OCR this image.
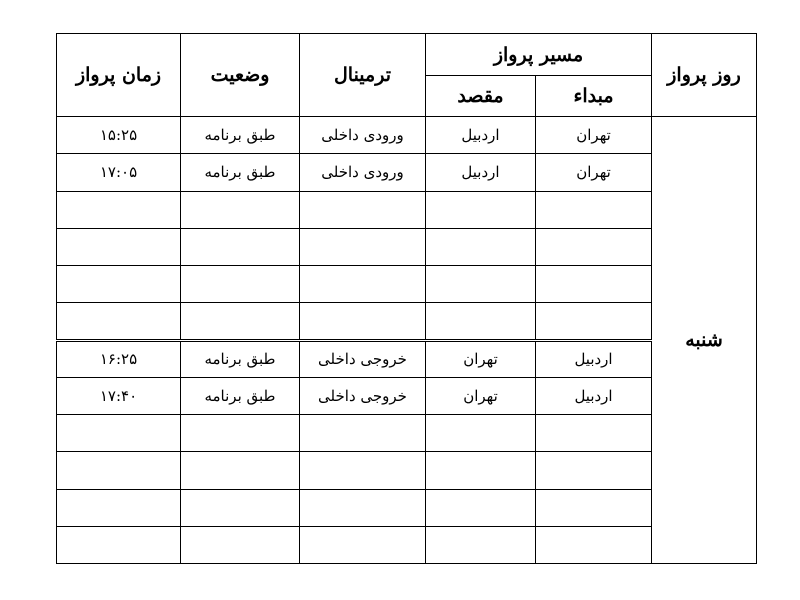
روز پرواز	مسیر پرواز		ترمینال	وضعیت	زمان پرواز
	مبداء	مقصد			
شنبه	تهران	اردبیل	ورودی داخلی	طبق برنامه	۱۵:۲۵
	تهران	اردبیل	ورودی داخلی	طبق برنامه	۱۷:۰۵

	اردبیل	تهران	خروجی داخلی	طبق برنامه	۱۶:۲۵
	اردبیل	تهران	خروجی داخلی	طبق برنامه	۱۷:۴۰
